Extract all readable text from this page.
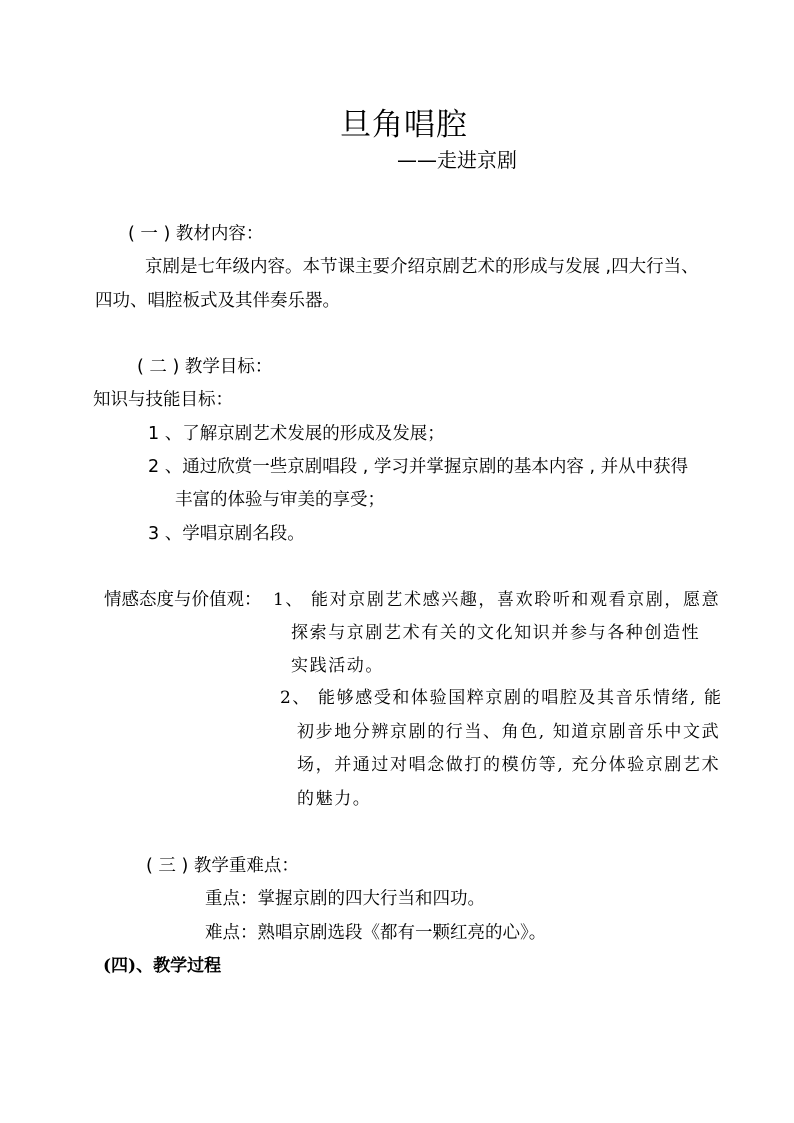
旦角唱腔
——走进京剧
( 一 ) 教材内容：
京剧是七年级内容。本节课主要介绍京剧艺术的形成与发展 ,四大行当、
四功、唱腔板式及其伴奏乐器。
( 二 ) 教学目标：
知识与技能目标：
1 、了解京剧艺术发展的形成及发展；
2 、通过欣赏一些京剧唱段 , 学习并掌握京剧的基本内容 , 并从中获得
丰富的体验与审美的享受；
3 、学唱京剧名段。
情感态度与价值观： 1、 能对京剧艺术感兴趣，喜欢聆听和观看京剧，愿意
探索与京剧艺术有关的文化知识并参与各种创造性
实践活动。
2、 能够感受和体验国粹京剧的唱腔及其音乐情绪, 能
初步地分辨京剧的行当、角色, 知道京剧音乐中文武
场，并通过对唱念做打的模仿等, 充分体验京剧艺术
的魅力。
( 三 ) 教学重难点：
重点：掌握京剧的四大行当和四功。
难点：熟唱京剧选段《都有一颗红亮的心》。
(四)、教学过程
